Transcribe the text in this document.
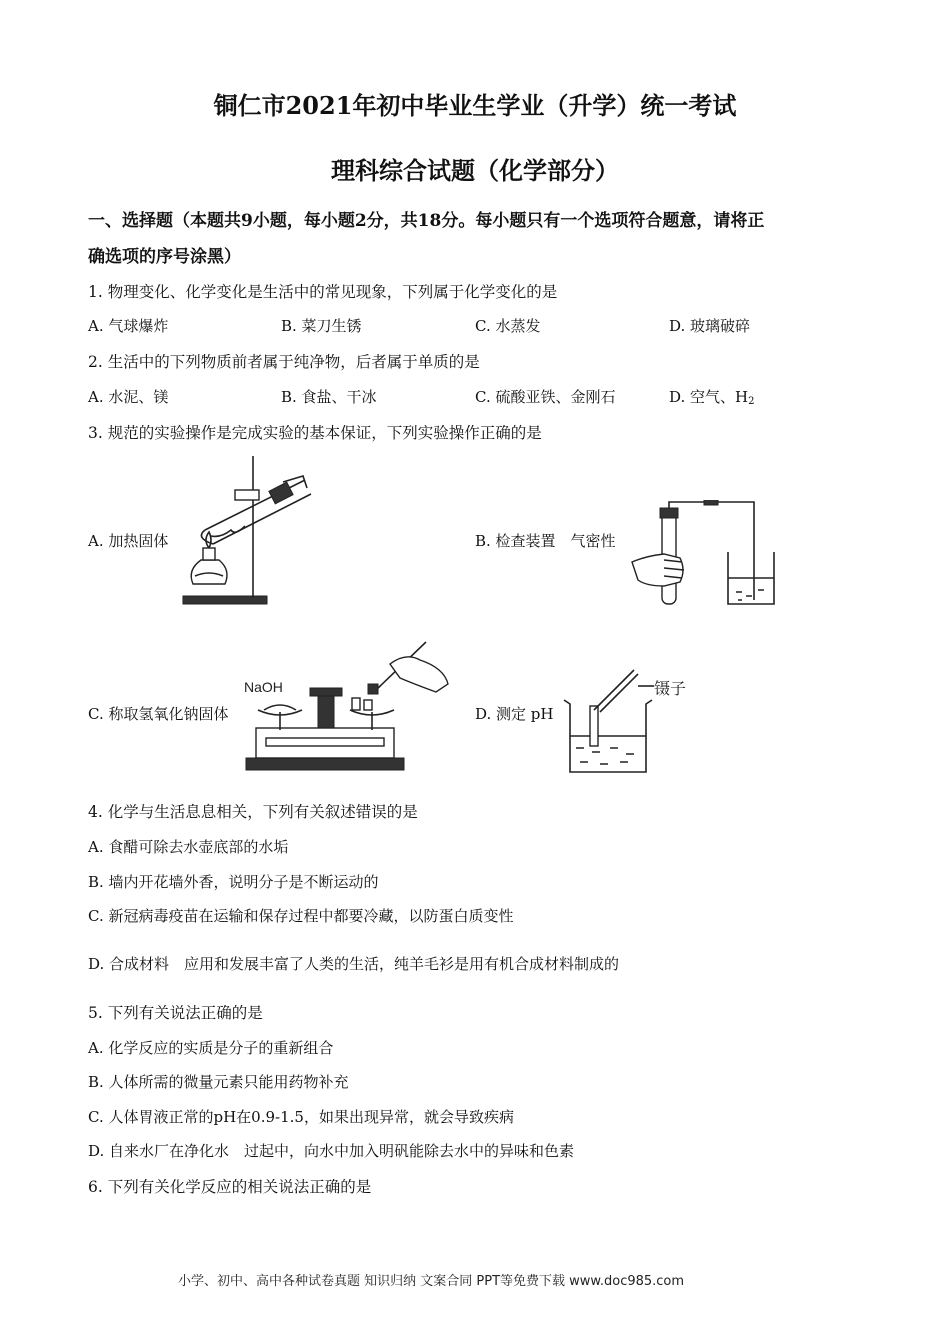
铜仁市2021年初中毕业生学业（升学）统一考试
理科综合试题（化学部分）
一、选择题（本题共9小题，每小题2分，共18分。每小题只有一个选项符合题意，请将正
确选项的序号涂黑）
1. 物理变化、化学变化是生活中的常见现象，下列属于化学变化的是
A. 气球爆炸	B. 菜刀生锈	C. 水蒸发	D. 玻璃破碎
2. 生活中的下列物质前者属于纯净物，后者属于单质的是
A. 水泥、镁	B. 食盐、干冰	C. 硫酸亚铁、金刚石	D. 空气、$H_2$
3. 规范的实验操作是完成实验的基本保证，下列实验操作正确的是
A. 加热固体	B. 检查装置　气密性
NaOH
C. 称取氢氧化钠固体
镊子
D. 测定 pH
4. 化学与生活息息相关，下列有关叙述错误的是
A. 食醋可除去水壶底部的水垢
B. 墙内开花墙外香，说明分子是不断运动的
C. 新冠病毒疫苗在运输和保存过程中都要冷藏，以防蛋白质变性
D. 合成材料　应用和发展丰富了人类的生活，纯羊毛衫是用有机合成材料制成的
5. 下列有关说法正确的是
A. 化学反应的实质是分子的重新组合
B. 人体所需的微量元素只能用药物补充
C. 人体胃液正常的pH在0.9-1.5，如果出现异常，就会导致疾病
D. 自来水厂在净化水　过起中，向水中加入明矾能除去水中的异味和色素
6. 下列有关化学反应的相关说法正确的是
小学、初中、高中各种试卷真题 知识归纳 文案合同 PPT等免费下载 www.doc985.com
